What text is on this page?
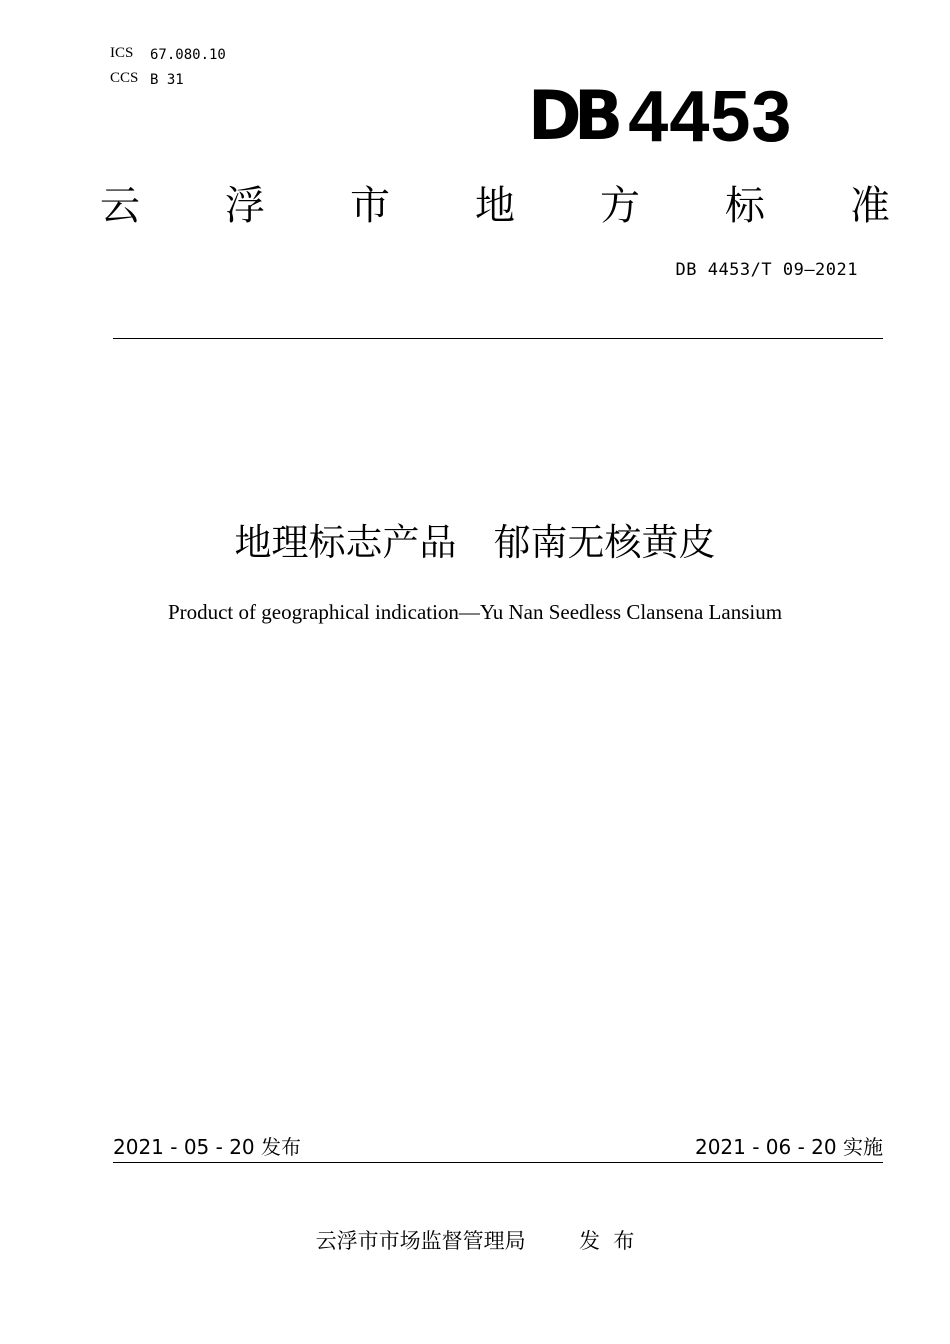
ICS 67.080.10
CCS B 31	DB 4453
云 浮 市 地 方 标 准
DB 4453/T 09—2021
地理标志产品　郁南无核黄皮
Product of geographical indication—Yu Nan Seedless Clansena Lansium
2021 - 05 - 20 发布	2021 - 06 - 20 实施
云浮市市场监督管理局        发  布
